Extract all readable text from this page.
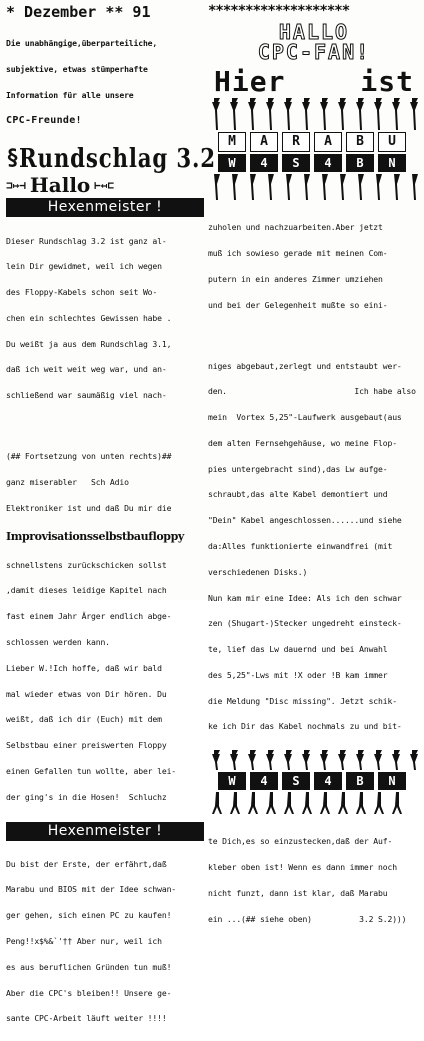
* Dezember ** 91

Die unabhängige,überparteiliche,

subjektive, etwas stümperhafte

Information für alle unsere

CPC-Freunde!

§ Rundschlag 3.2
⊐↦⊣ Hallo ⊢↤⊏
Hexenmeister !

Dieser Rundschlag 3.2 ist ganz al-

lein Dir gewidmet, weil ich wegen

des Floppy-Kabels schon seit Wo-

chen ein schlechtes Gewissen habe .

Du weißt ja aus dem Rundschlag 3.1,

daß ich weit weit weg war, und an-

schließend war saumäßig viel nach-

(## Fortsetzung von unten rechts)##

ganz miserabler   Sch Adio

Elektroniker ist und daß Du mir die

Improvisationsselbstbaufloppy

schnellstens zurückschicken sollst

,damit dieses leidige Kapitel nach

fast einem Jahr Ärger endlich abge-

schlossen werden kann.

Lieber W.!Ich hoffe, daß wir bald

mal wieder etwas von Dir hören. Du

weißt, daß ich dir (Euch) mit dem

Selbstbau einer preiswerten Floppy

einen Gefallen tun wollte, aber lei-

der ging's in die Hosen!  Schluchz

Hexenmeister !

Du bist der Erste, der erfährt,daß

Marabu und BIOS mit der Idee schwan-

ger gehen, sich einen PC zu kaufen!

Peng!!x$%&`'†† Aber nur, weil ich

es aus beruflichen Gründen tun muß!

Aber die CPC's bleiben!! Unsere ge-

sante CPC-Arbeit läuft weiter !!!!

*******************
HALLO
CPC-FAN!
Hier	ist
M	A	R	A	B	U
W	4	S	4	B	N

zuholen und nachzuarbeiten.Aber jetzt

muß ich sowieso gerade mit meinen Com-

putern in ein anderes Zimmer umziehen

und bei der Gelegenheit mußte so eini-

niges abgebaut,zerlegt und entstaubt wer-

den.                           Ich habe also

mein  Vortex 5,25"-Laufwerk ausgebaut(aus

dem alten Fernsehgehäuse, wo meine Flop-

pies untergebracht sind),das Lw aufge-

schraubt,das alte Kabel demontiert und

"Dein" Kabel angeschlossen......und siehe

da:Alles funktionierte einwandfrei (mit

verschiedenen Disks.)

Nun kam mir eine Idee: Als ich den schwar

zen (Shugart-)Stecker ungedreht einsteck-

te, lief das Lw dauernd und bei Anwahl

des 5,25"-Lws mit !X oder !B kam immer

die Meldung "Disc missing". Jetzt schik-

ke ich Dir das Kabel nochmals zu und bit-

W	4	S	4	B	N

te Dich,es so einzustecken,daß der Auf-

kleber oben ist! Wenn es dann immer noch

nicht funzt, dann ist klar, daß Marabu

ein ...(## siehe oben)          3.2 S.2)))
